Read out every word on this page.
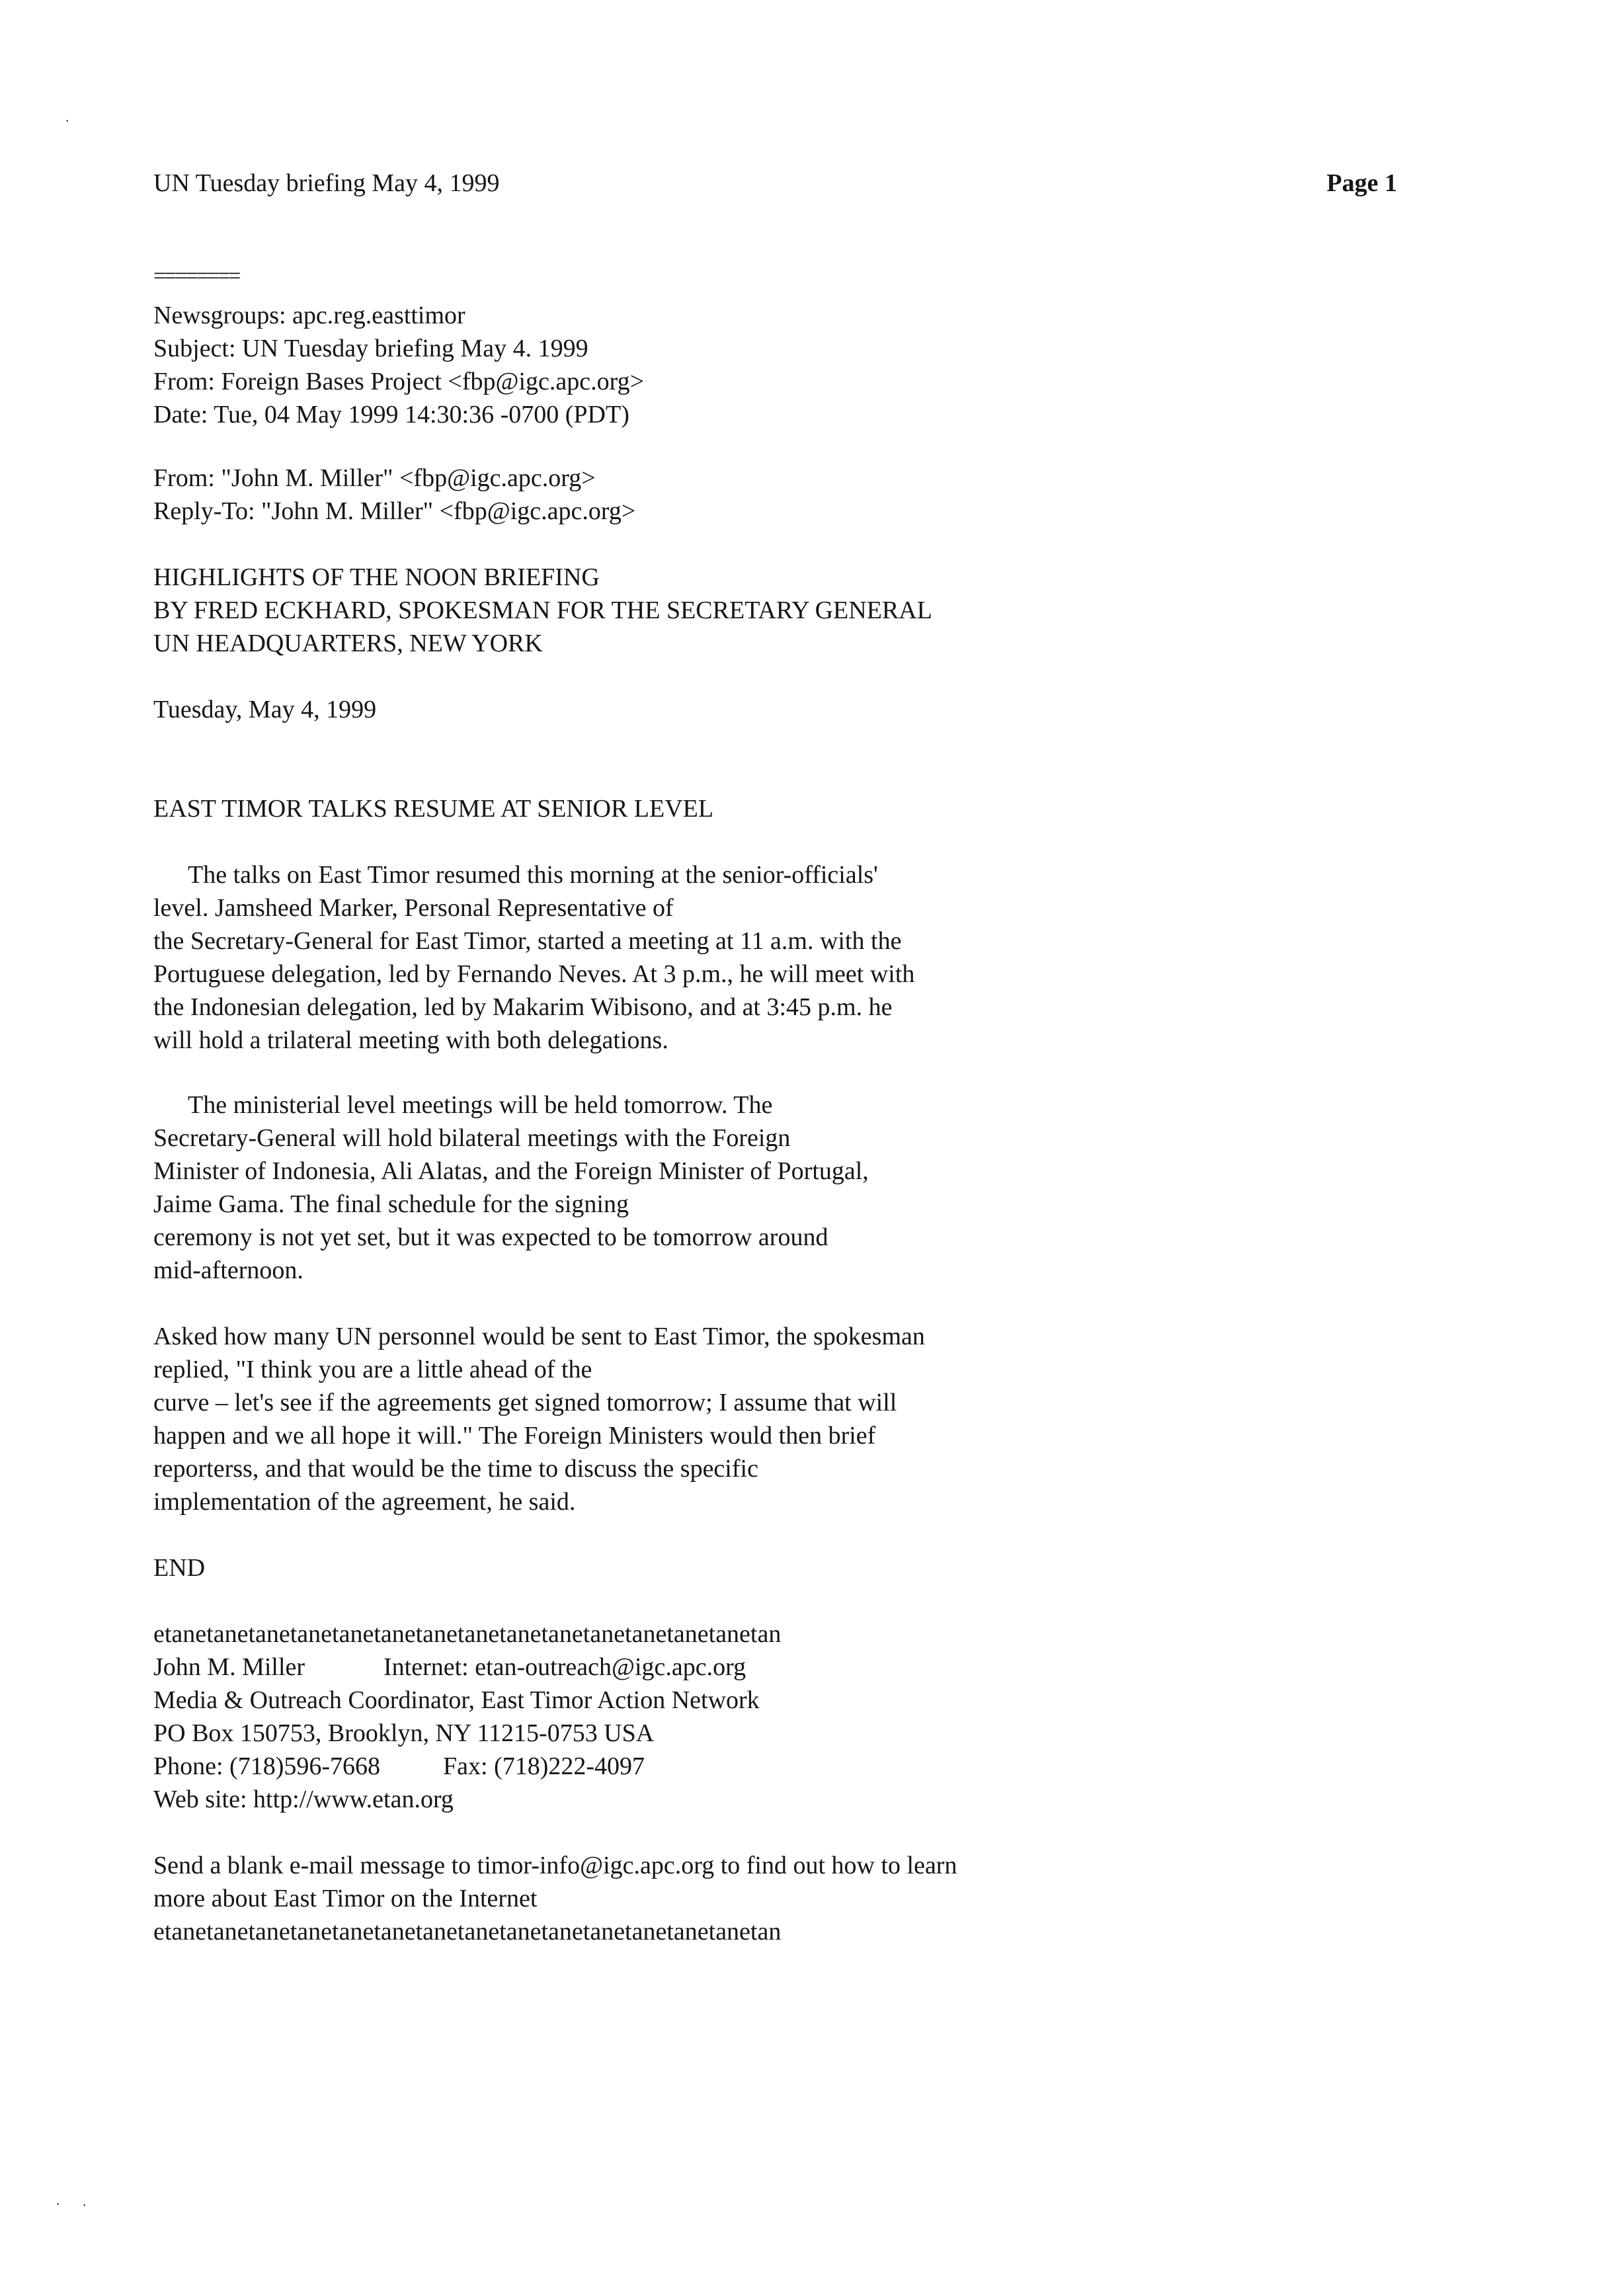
UN Tuesday briefing May 4, 1999	Page 1
========
Newsgroups: apc.reg.easttimor
Subject: UN Tuesday briefing May 4. 1999
From: Foreign Bases Project <fbp@igc.apc.org>
Date: Tue, 04 May 1999 14:30:36 -0700 (PDT)
From: "John M. Miller" <fbp@igc.apc.org>
Reply-To: "John M. Miller" <fbp@igc.apc.org>
HIGHLIGHTS OF THE NOON BRIEFING
BY FRED ECKHARD, SPOKESMAN FOR THE SECRETARY GENERAL
UN HEADQUARTERS, NEW YORK
Tuesday, May 4, 1999
EAST TIMOR TALKS RESUME AT SENIOR LEVEL
The talks on East Timor resumed this morning at the senior-officials'
level. Jamsheed Marker, Personal Representative of
the Secretary-General for East Timor, started a meeting at 11 a.m. with the
Portuguese delegation, led by Fernando Neves. At 3 p.m., he will meet with
the Indonesian delegation, led by Makarim Wibisono, and at 3:45 p.m. he
will hold a trilateral meeting with both delegations.
The ministerial level meetings will be held tomorrow. The
Secretary-General will hold bilateral meetings with the Foreign
Minister of Indonesia, Ali Alatas, and the Foreign Minister of Portugal,
Jaime Gama. The final schedule for the signing
ceremony is not yet set, but it was expected to be tomorrow around
mid-afternoon.
Asked how many UN personnel would be sent to East Timor, the spokesman
replied, "I think you are a little ahead of the
curve – let's see if the agreements get signed tomorrow; I assume that will
happen and we all hope it will." The Foreign Ministers would then brief
reporterss, and that would be the time to discuss the specific
implementation of the agreement, he said.
END
etanetanetanetanetanetanetanetanetanetanetanetanetanetanetan
John M. Miller	Internet: etan-outreach@igc.apc.org
Media & Outreach Coordinator, East Timor Action Network
PO Box 150753, Brooklyn, NY 11215-0753 USA
Phone: (718)596-7668 Fax: (718)222-4097
Web site: http://www.etan.org
Send a blank e-mail message to timor-info@igc.apc.org to find out how to learn
more about East Timor on the Internet
etanetanetanetanetanetanetanetanetanetanetanetanetanetanetan
·
· ·
